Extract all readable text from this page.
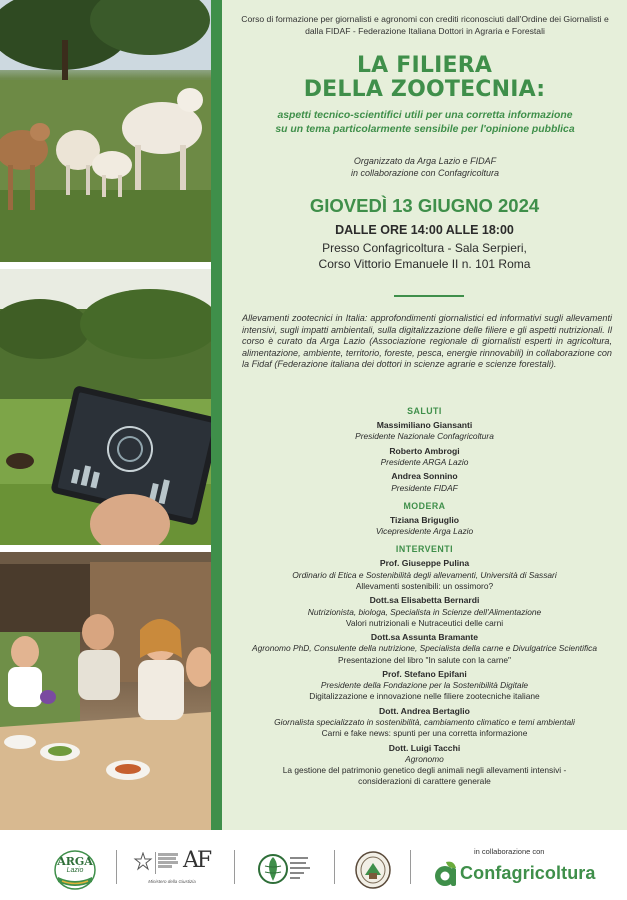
Corso di formazione per giornalisti e agronomi con crediti riconosciuti dall'Ordine dei Giornalisti e dalla FIDAF - Federazione Italiana Dottori in Agraria e Forestali
LA FILIERA
DELLA ZOOTECNIA:
aspetti tecnico-scientifici utili per una corretta informazione
su un tema particolarmente sensibile per l'opinione pubblica
Organizzato da Arga Lazio e FIDAF
in collaborazione con Confagricoltura
GIOVEDÌ 13 GIUGNO 2024
DALLE ORE 14:00 ALLE 18:00
Presso Confagricoltura - Sala Serpieri,
Corso Vittorio Emanuele II n. 101 Roma
Allevamenti zootecnici in Italia: approfondimenti giornalistici ed informativi sugli allevamenti intensivi, sugli impatti ambientali, sulla digitalizzazione delle filiere e gli aspetti nutrizionali. Il corso è curato da Arga Lazio (Associazione regionale di giornalisti esperti in agricoltura, alimentazione, ambiente, territorio, foreste, pesca, energie rinnovabili) in collaborazione con la Fidaf (Federazione italiana dei dottori in scienze agrarie e scienze forestali).
SALUTI
Massimiliano Giansanti
Presidente Nazionale Confagricoltura
Roberto Ambrogi
Presidente ARGA Lazio
Andrea Sonnino
Presidente FIDAF
MODERA
Tiziana Briguglio
Vicepresidente Arga Lazio
INTERVENTI
Prof. Giuseppe Pulina
Ordinario di Etica e Sostenibilità degli allevamenti, Università di Sassari
Allevamenti sostenibili: un ossimoro?
Dott.sa Elisabetta Bernardi
Nutrizionista, biologa, Specialista in Scienze dell'Alimentazione
Valori nutrizionali e Nutraceutici delle carni
Dott.sa Assunta Bramante
Agronomo PhD, Consulente della nutrizione, Specialista della carne e Divulgatrice Scientifica
Presentazione del libro "In salute con la carne"
Prof. Stefano Epifani
Presidente della Fondazione per la Sostenibilità Digitale
Digitalizzazione e innovazione nelle filiere zootecniche italiane
Dott. Andrea Bertaglio
Giornalista specializzato in sostenibilità, cambiamento climatico e temi ambientali
Carni e fake news: spunti per una corretta informazione
Dott. Luigi Tacchi
Agronomo
La gestione del patrimonio genetico degli animali negli allevamenti intensivi -
considerazioni di carattere generale
ARGA
Lazio	AF
Ministero della Giustizia
in collaborazione con
Confagricoltura
